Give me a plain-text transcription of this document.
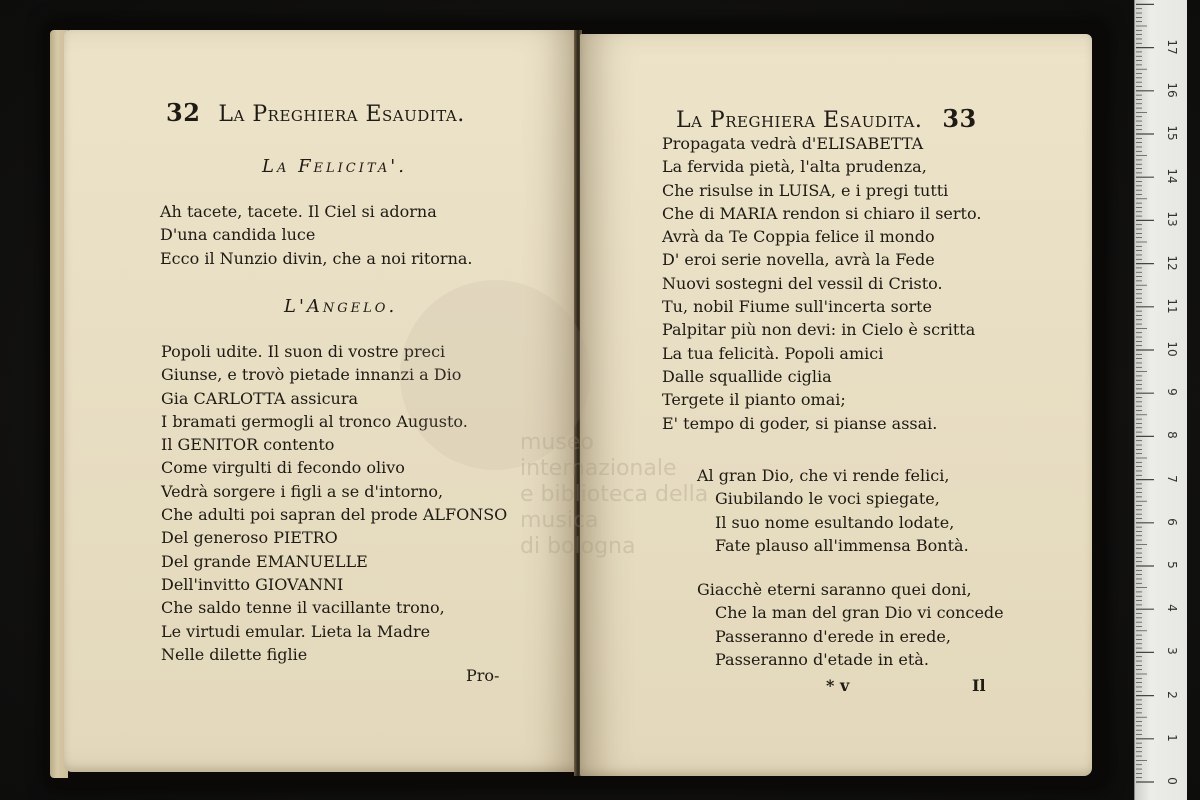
32 La Preghiera Esaudita.
La Felicita'.
Ah tacete, tacete. Il Ciel si adorna
D'una candida luce
Ecco il Nunzio divin, che a noi ritorna.
L'Angelo.
Popoli udite. Il suon di vostre preci
Giunse, e trovò pietade innanzi a Dio
Gia CARLOTTA assicura
I bramati germogli al tronco Augusto.
Il GENITOR contento
Come virgulti di fecondo olivo
Vedrà sorgere i figli a se d'intorno,
Che adulti poi sapran del prode ALFONSO
Del generoso PIETRO
Del grande EMANUELLE
Dell'invitto GIOVANNI
Che saldo tenne il vacillante trono,
Le virtudi emular. Lieta la Madre
Nelle dilette figlie
Pro-
La Preghiera Esaudita. 33
Propagata vedrà d'ELISABETTA
La fervida pietà, l'alta prudenza,
Che risulse in LUISA, e i pregi tutti
Che di MARIA rendon si chiaro il serto.
Avrà da Te Coppia felice il mondo
D' eroi serie novella, avrà la Fede
Nuovi sostegni del vessil di Cristo.
Tu, nobil Fiume sull'incerta sorte
Palpitar più non devi: in Cielo è scritta
La tua felicità. Popoli amici
Dalle squallide ciglia
Tergete il pianto omai;
E' tempo di goder, si pianse assai.
Al gran Dio, che vi rende felici,
Giubilando le voci spiegate,
Il suo nome esultando lodate,
Fate plauso all'immensa Bontà.
Giacchè eterni saranno quei doni,
Che la man del gran Dio vi concede
Passeranno d'erede in erede,
Passeranno d'etade in età.
* v	Il
museo internazionale
e biblioteca della musica
di bologna
0
1
2
3
4
5
6
7
8
9
10
11
12
13
14
15
16
17
